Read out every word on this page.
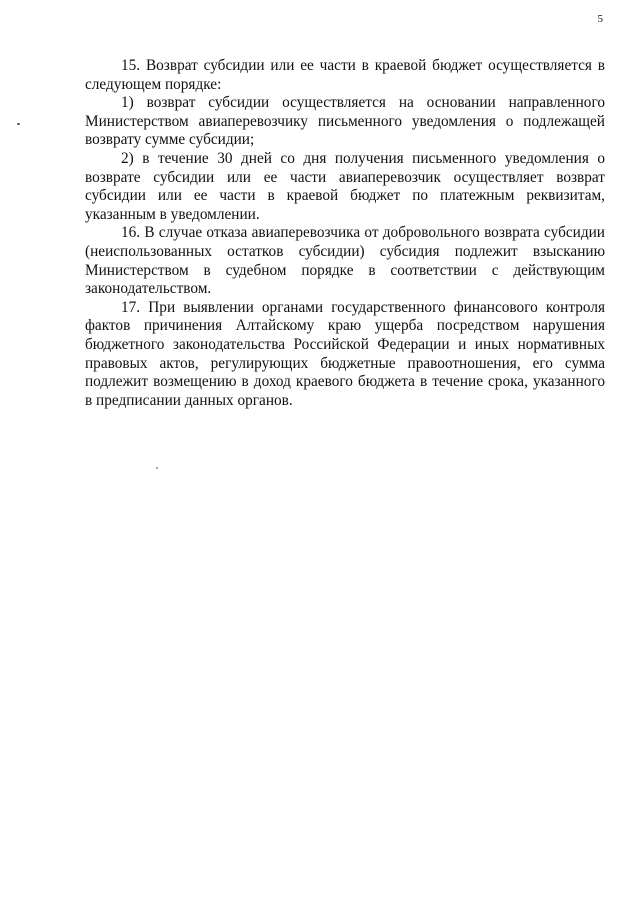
5

15. Возврат субсидии или ее части в краевой бюджет осуществляется в следующем порядке:

1) возврат субсидии осуществляется на основании направленного Министерством авиаперевозчику письменного уведомления о подлежащей возврату сумме субсидии;

2) в течение 30 дней со дня получения письменного уведомления о возврате субсидии или ее части авиаперевозчик осуществляет возврат субсидии или ее части в краевой бюджет по платежным реквизитам, указанным в уведомлении.

16. В случае отказа авиаперевозчика от добровольного возврата субсидии (неиспользованных остатков субсидии) субсидия подлежит взысканию Министерством в судебном порядке в соответствии с действующим законодательством.

17. При выявлении органами государственного финансового контроля фактов причинения Алтайскому краю ущерба посредством нарушения бюджетного законодательства Российской Федерации и иных нормативных правовых актов, регулирующих бюджетные правоотношения, его сумма подлежит возмещению в доход краевого бюджета в течение срока, указанного в предписании данных органов.
